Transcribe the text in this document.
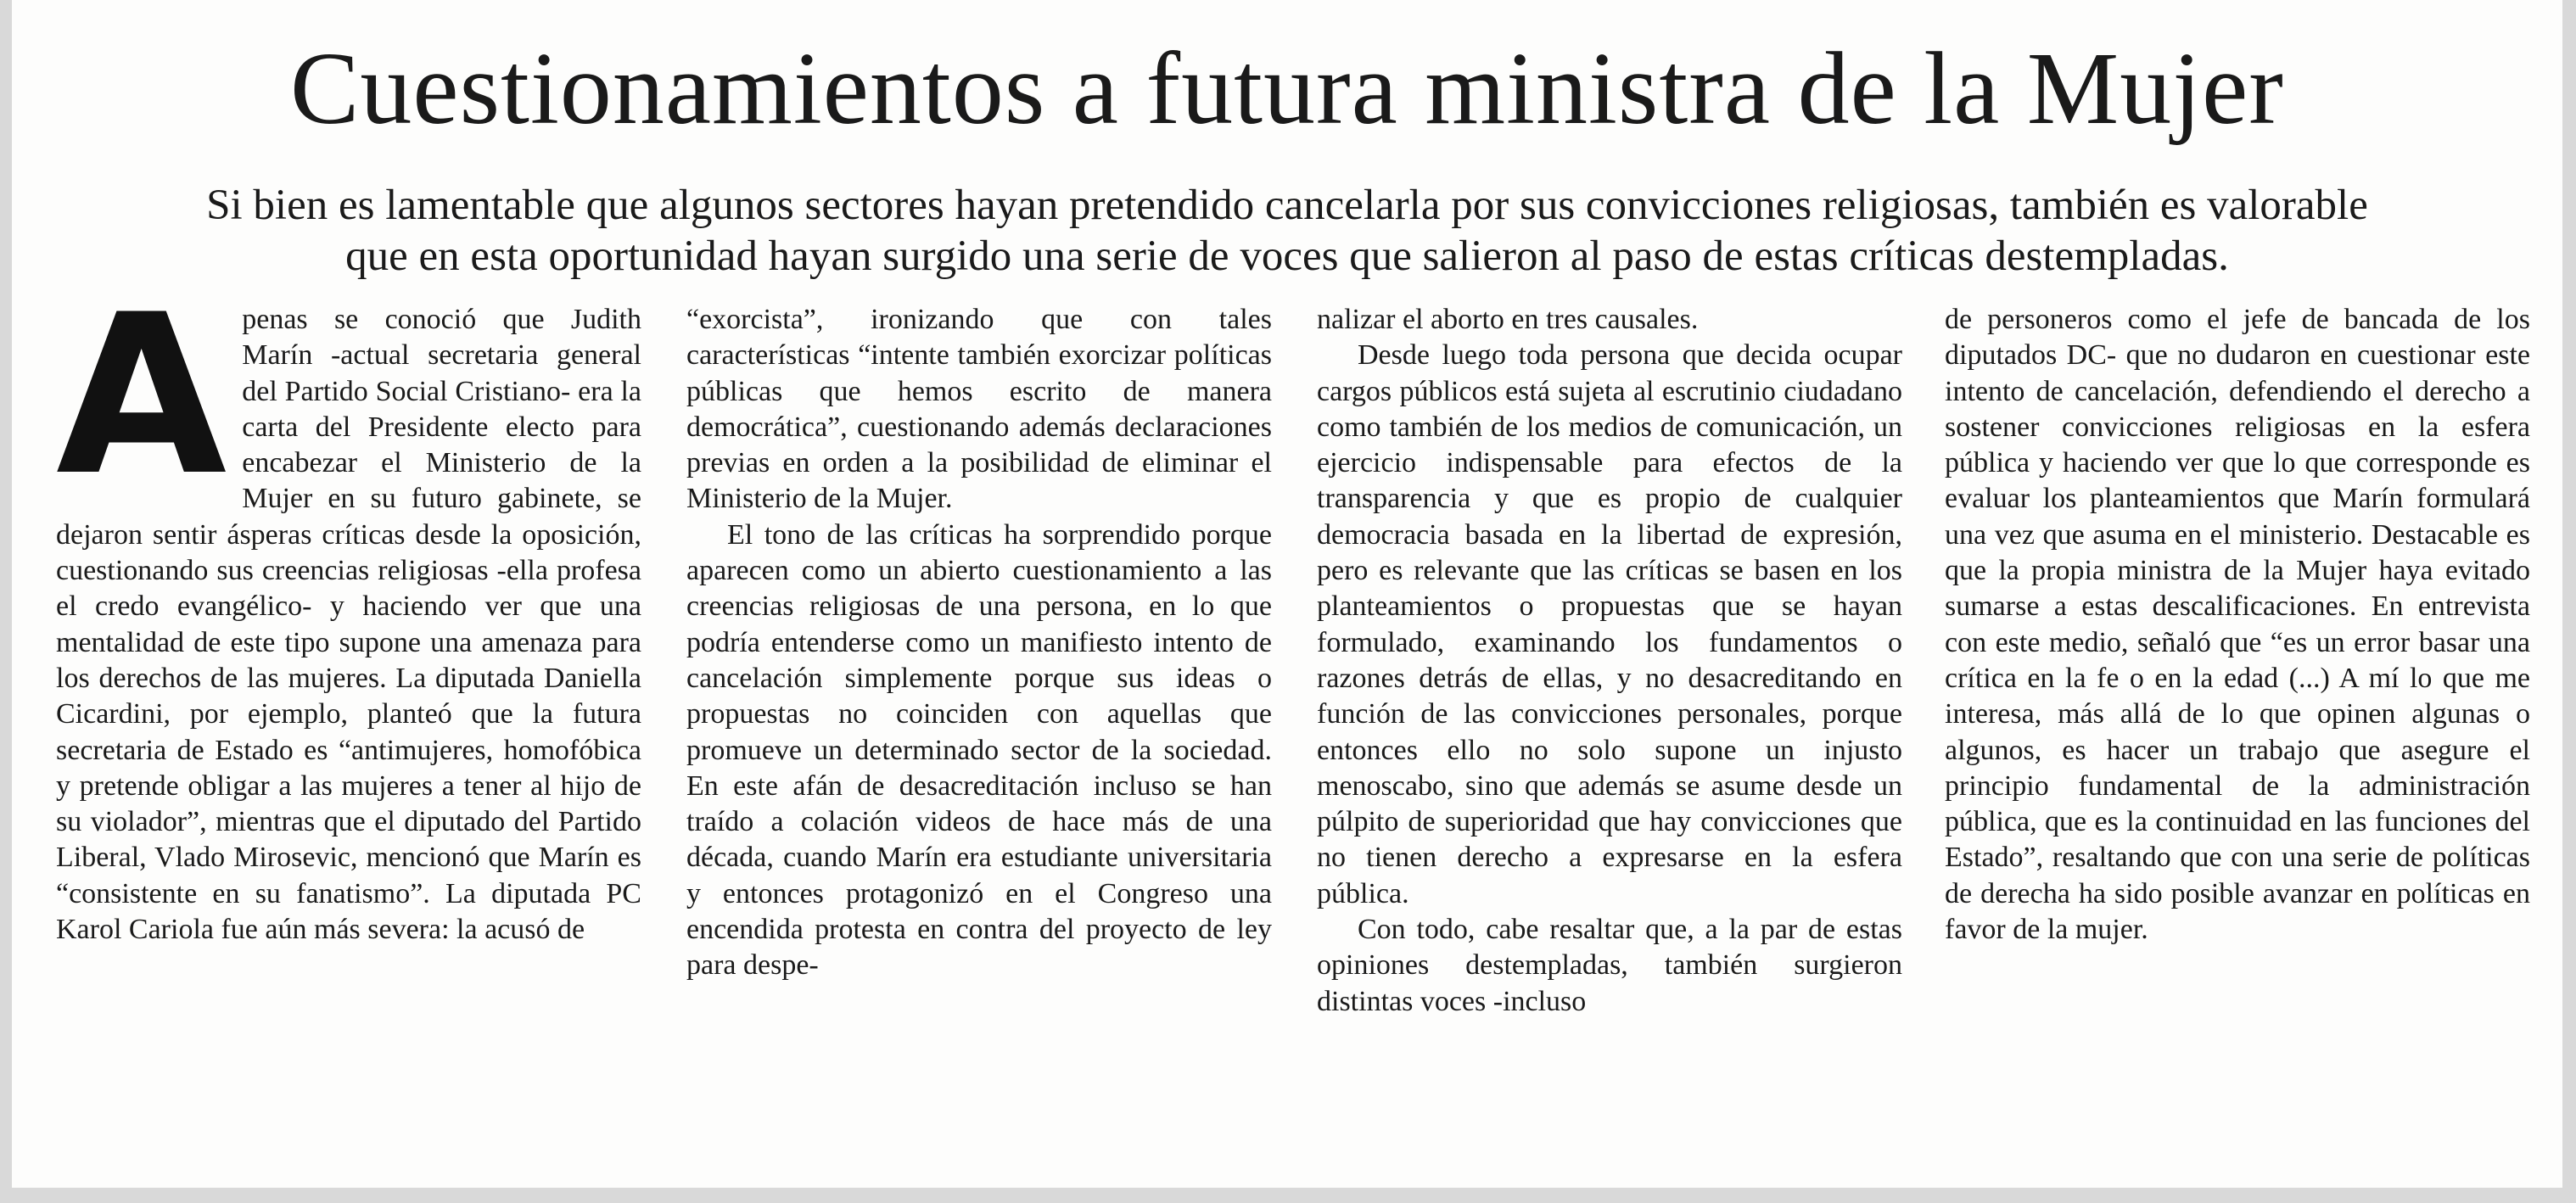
Cuestionamientos a futura ministra de la Mujer
Si bien es lamentable que algunos sectores hayan pretendido cancelarla por sus convicciones religiosas, también es valorable
que en esta oportunidad hayan surgido una serie de voces que salieron al paso de estas críticas destempladas.
A penas se conoció que Judith Marín -actual secretaria general del Partido Social Cristiano- era la carta del Presidente electo para encabezar el Ministerio de la Mujer en su futuro gabinete, se dejaron sentir ásperas críticas desde la oposición, cuestionando sus creencias religiosas -ella profesa el credo evangélico- y haciendo ver que una mentalidad de este tipo supone una amenaza para los derechos de las mujeres. La diputada Daniella Cicardini, por ejemplo, planteó que la futura secretaria de Estado es “antimujeres, homofóbica y pretende obligar a las mujeres a tener al hijo de su violador”, mientras que el diputado del Partido Liberal, Vlado Mirosevic, mencionó que Marín es “consistente en su fanatismo”. La diputada PC Karol Cariola fue aún más severa: la acusó de

“exorcista”, ironizando que con tales características “intente también exorcizar políticas públicas que hemos escrito de manera democrática”, cuestionando además declaraciones previas en orden a la posibilidad de eliminar el Ministerio de la Mujer.

El tono de las críticas ha sorprendido porque aparecen como un abierto cuestionamiento a las creencias religiosas de una persona, en lo que podría entenderse como un manifiesto intento de cancelación simplemente porque sus ideas o propuestas no coinciden con aquellas que promueve un determinado sector de la sociedad. En este afán de desacreditación incluso se han traído a colación videos de hace más de una década, cuando Marín era estudiante universitaria y entonces protagonizó en el Congreso una encendida protesta en contra del proyecto de ley para despe-

nalizar el aborto en tres causales.

Desde luego toda persona que decida ocupar cargos públicos está sujeta al escrutinio ciudadano como también de los medios de comunicación, un ejercicio indispensable para efectos de la transparencia y que es propio de cualquier democracia basada en la libertad de expresión, pero es relevante que las críticas se basen en los planteamientos o propuestas que se hayan formulado, examinando los fundamentos o razones detrás de ellas, y no desacreditando en función de las convicciones personales, porque entonces ello no solo supone un injusto menoscabo, sino que además se asume desde un púlpito de superioridad que hay convicciones que no tienen derecho a expresarse en la esfera pública.

Con todo, cabe resaltar que, a la par de estas opiniones destempladas, también surgieron distintas voces -incluso

de personeros como el jefe de bancada de los diputados DC- que no dudaron en cuestionar este intento de cancelación, defendiendo el derecho a sostener convicciones religiosas en la esfera pública y haciendo ver que lo que corresponde es evaluar los planteamientos que Marín formulará una vez que asuma en el ministerio. Destacable es que la propia ministra de la Mujer haya evitado sumarse a estas descalificaciones. En entrevista con este medio, señaló que “es un error basar una crítica en la fe o en la edad (...) A mí lo que me interesa, más allá de lo que opinen algunas o algunos, es hacer un trabajo que asegure el principio fundamental de la administración pública, que es la continuidad en las funciones del Estado”, resaltando que con una serie de políticas de derecha ha sido posible avanzar en políticas en favor de la mujer.
